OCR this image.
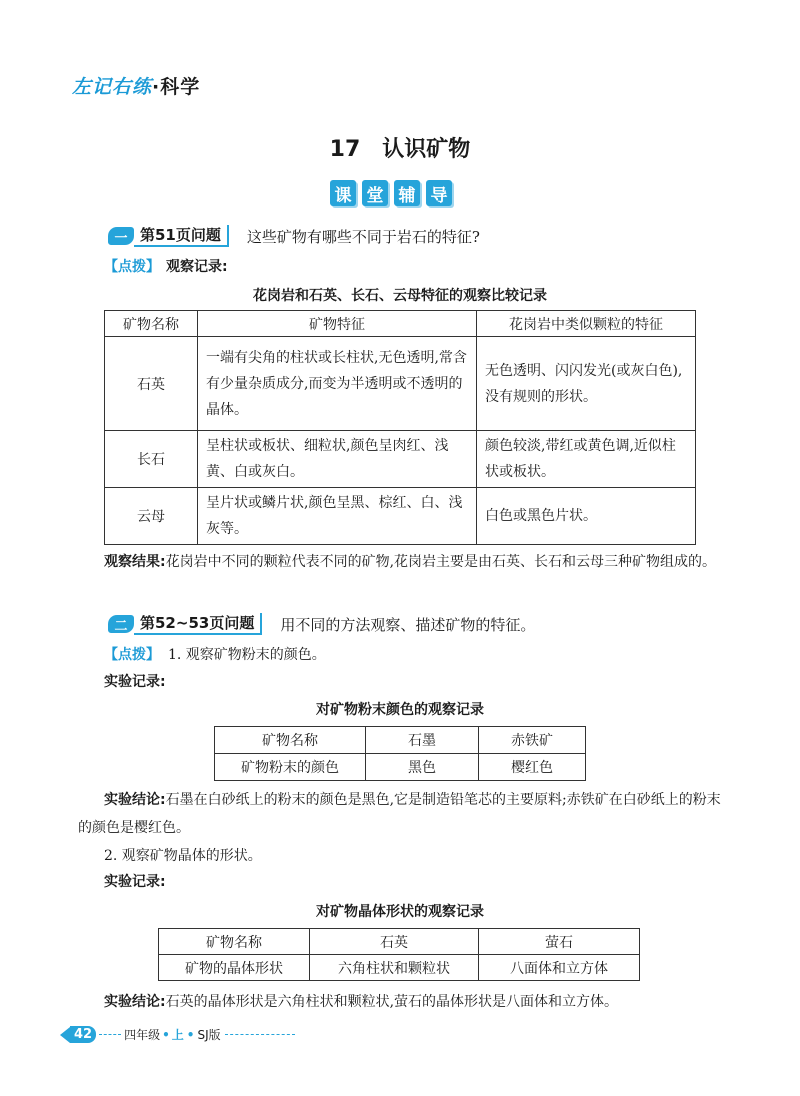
左记右练·科学
17 认识矿物
课 堂 辅 导
一 第51页问题	这些矿物有哪些不同于岩石的特征?
【点拨】 观察记录:
花岗岩和石英、长石、云母特征的观察比较记录
矿物名称	矿物特征	花岗岩中类似颗粒的特征
石英	一端有尖角的柱状或长柱状,无色透明,常含有少量杂质成分,而变为半透明或不透明的晶体。	无色透明、闪闪发光(或灰白色),没有规则的形状。
长石	呈柱状或板状、细粒状,颜色呈肉红、浅黄、白或灰白。	颜色较淡,带红或黄色调,近似柱状或板状。
云母	呈片状或鳞片状,颜色呈黑、棕红、白、浅灰等。	白色或黑色片状。
观察结果:花岗岩中不同的颗粒代表不同的矿物,花岗岩主要是由石英、长石和云母三种矿物组成的。
二 第52~53页问题	用不同的方法观察、描述矿物的特征。
【点拨】 1. 观察矿物粉末的颜色。
实验记录:
对矿物粉末颜色的观察记录
矿物名称	石墨	赤铁矿
矿物粉末的颜色	黑色	樱红色
实验结论:石墨在白砂纸上的粉末的颜色是黑色,它是制造铅笔芯的主要原料;赤铁矿在白砂纸上的粉末的颜色是樱红色。
2. 观察矿物晶体的形状。
实验记录:
对矿物晶体形状的观察记录
矿物名称	石英	萤石
矿物的晶体形状	六角柱状和颗粒状	八面体和立方体
实验结论:石英的晶体形状是六角柱状和颗粒状,萤石的晶体形状是八面体和立方体。
42	四年级 • 上 • SJ版
